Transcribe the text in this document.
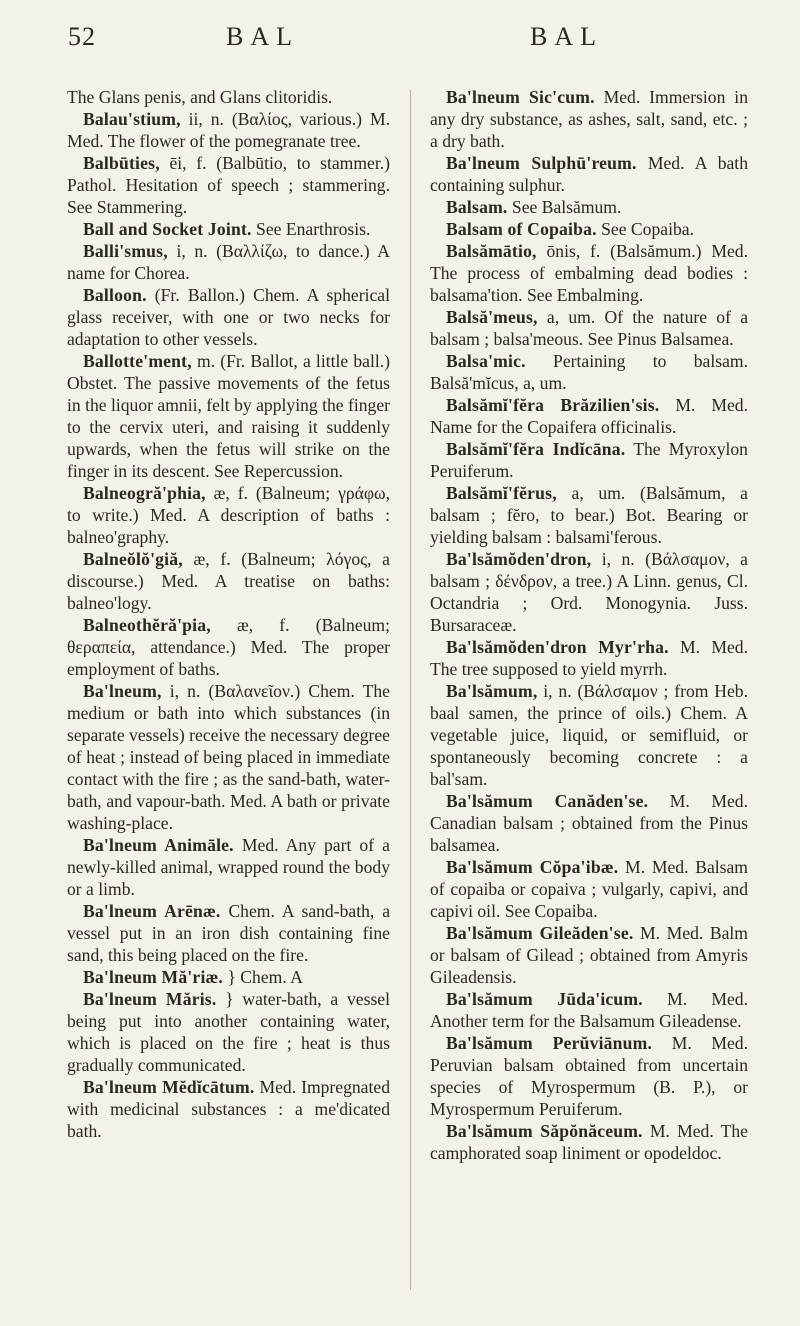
52	BAL	BAL

The Glans penis, and Glans clitoridis.

Balau'stium, ii, n. (Βαλίος, various.) M. Med. The flower of the pomegranate tree.

Balbūties, ēi, f. (Balbūtio, to stammer.) Pathol. Hesitation of speech ; stammering. See Stammering.

Ball and Socket Joint. See Enarthrosis.

Balli'smus, i, n. (Βαλλίζω, to dance.) A name for Chorea.

Balloon. (Fr. Ballon.) Chem. A spherical glass receiver, with one or two necks for adaptation to other vessels.

Ballotte'ment, m. (Fr. Ballot, a little ball.) Obstet. The passive movements of the fetus in the liquor amnii, felt by applying the finger to the cervix uteri, and raising it suddenly upwards, when the fetus will strike on the finger in its descent. See Repercussion.

Balneogră'phia, æ, f. (Balneum; γράφω, to write.) Med. A description of baths : balneo'graphy.

Balneŏlŏ'giă, æ, f. (Balneum; λόγος, a discourse.) Med. A treatise on baths: balneo'logy.

Balneothĕră'pia, æ, f. (Balneum; θεραπεία, attendance.) Med. The proper employment of baths.

Ba'lneum, i, n. (Βαλανεῖον.) Chem. The medium or bath into which substances (in separate vessels) receive the necessary degree of heat ; instead of being placed in immediate contact with the fire ; as the sand-bath, water-bath, and vapour-bath. Med. A bath or private washing-place.

Ba'lneum Animāle. Med. Any part of a newly-killed animal, wrapped round the body or a limb.

Ba'lneum Arēnæ. Chem. A sand-bath, a vessel put in an iron dish containing fine sand, this being placed on the fire.

Ba'lneum Mă'riæ. } Chem. A

Ba'lneum Măris. } water-bath, a vessel being put into another containing water, which is placed on the fire ; heat is thus gradually communicated.

Ba'lneum Mĕdĭcātum. Med. Impregnated with medicinal substances : a me'dicated bath.

Ba'lneum Sic'cum. Med. Immersion in any dry substance, as ashes, salt, sand, etc. ; a dry bath.

Ba'lneum Sulphū'reum. Med. A bath containing sulphur.

Balsam. See Balsămum.

Balsam of Copaiba. See Copaiba.

Balsămātio, ōnis, f. (Balsămum.) Med. The process of embalming dead bodies : balsama'tion. See Embalming.

Balsă'meus, a, um. Of the nature of a balsam ; balsa'meous. See Pinus Balsamea.

Balsa'mic. Pertaining to balsam. Balsă'mĭcus, a, um.

Balsămĭ'fĕra Brăzilien'sis. M. Med. Name for the Copaifera officinalis.

Balsămĭ'fĕra Indĭcāna. The Myroxylon Peruiferum.

Balsămĭ'fĕrus, a, um. (Balsămum, a balsam ; fĕro, to bear.) Bot. Bearing or yielding balsam : balsami'ferous.

Ba'lsămŏden'dron, i, n. (Βάλσαμον, a balsam ; δένδρον, a tree.) A Linn. genus, Cl. Octandria ; Ord. Monogynia. Juss. Bursaraceæ.

Ba'lsămŏden'dron Myr'rha. M. Med. The tree supposed to yield myrrh.

Ba'lsămum, i, n. (Βάλσαμον ; from Heb. baal samen, the prince of oils.) Chem. A vegetable juice, liquid, or semifluid, or spontaneously becoming concrete : a bal'sam.

Ba'lsămum Canăden'se. M. Med. Canadian balsam ; obtained from the Pinus balsamea.

Ba'lsămum Cŏpa'ibæ. M. Med. Balsam of copaiba or copaiva ; vulgarly, capivi, and capivi oil. See Copaiba.

Ba'lsămum Gileăden'se. M. Med. Balm or balsam of Gilead ; obtained from Amyris Gileadensis.

Ba'lsămum Jūda'icum. M. Med. Another term for the Balsamum Gileadense.

Ba'lsămum Perŭviānum. M. Med. Peruvian balsam obtained from uncertain species of Myrospermum (B. P.), or Myrospermum Peruiferum.

Ba'lsămum Săpŏnăceum. M. Med. The camphorated soap liniment or opodeldoc.
